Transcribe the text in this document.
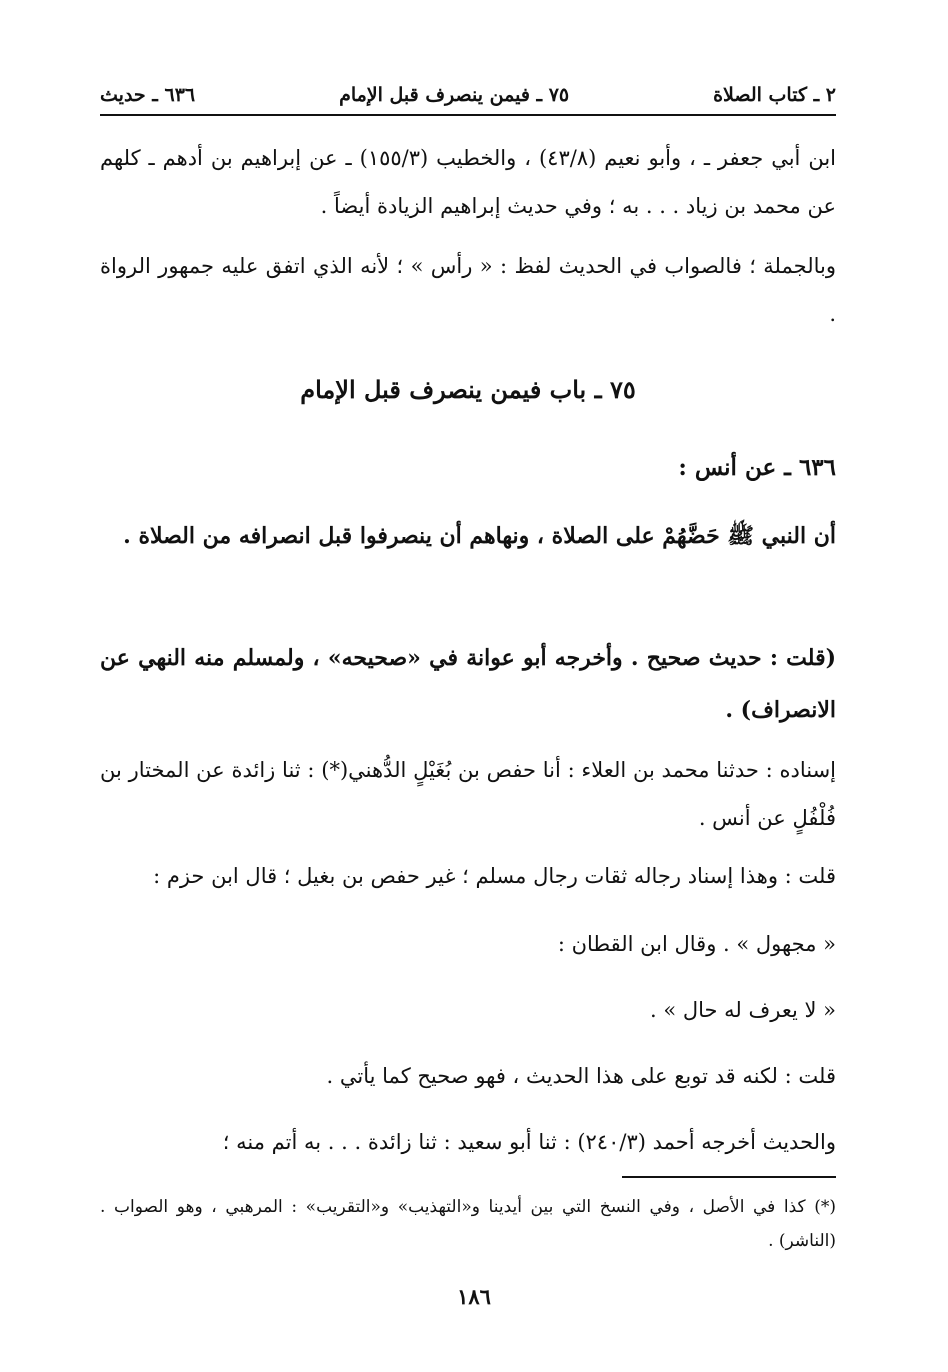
٢ ـ كتاب الصلاة
٧٥ ـ فيمن ينصرف قبل الإمام
٦٣٦ ـ حديث

ابن أبي جعفر ـ ، وأبو نعيم (٤٣/٨) ، والخطيب (١٥٥/٣) ـ عن إبراهيم بن أدهم ـ كلهم عن محمد بن زياد . . . به ؛ وفي حديث إبراهيم الزيادة أيضاً .

وبالجملة ؛ فالصواب في الحديث لفظ : « رأس » ؛ لأنه الذي اتفق عليه جمهور الرواة .

٧٥ ـ باب فيمن ينصرف قبل الإمام
٦٣٦ ـ عن أنس :

أن النبي ﷺ حَضَّهُمْ على الصلاة ، ونهاهم أن ينصرفوا قبل انصرافه من الصلاة .

(قلت : حديث صحيح . وأخرجه أبو عوانة في «صحيحه» ، ولمسلم منه النهي عن الانصراف) .

إسناده : حدثنا محمد بن العلاء : أنا حفص بن بُغَيْلٍ الدُّهني(*) : ثنا زائدة عن المختار بن فُلْفُلٍ عن أنس .

قلت : وهذا إسناد رجاله ثقات رجال مسلم ؛ غير حفص بن بغيل ؛ قال ابن حزم :
« مجهول » . وقال ابن القطان :
« لا يعرف له حال » .
قلت : لكنه قد توبع على هذا الحديث ، فهو صحيح كما يأتي .
والحديث أخرجه أحمد (٢٤٠/٣) : ثنا أبو سعيد : ثنا زائدة . . . به أتم منه ؛

(*) كذا في الأصل ، وفي النسخ التي بين أيدينا و«التهذيب» و«التقريب» : المرهبي ، وهو الصواب . (الناشر) .

١٨٦
